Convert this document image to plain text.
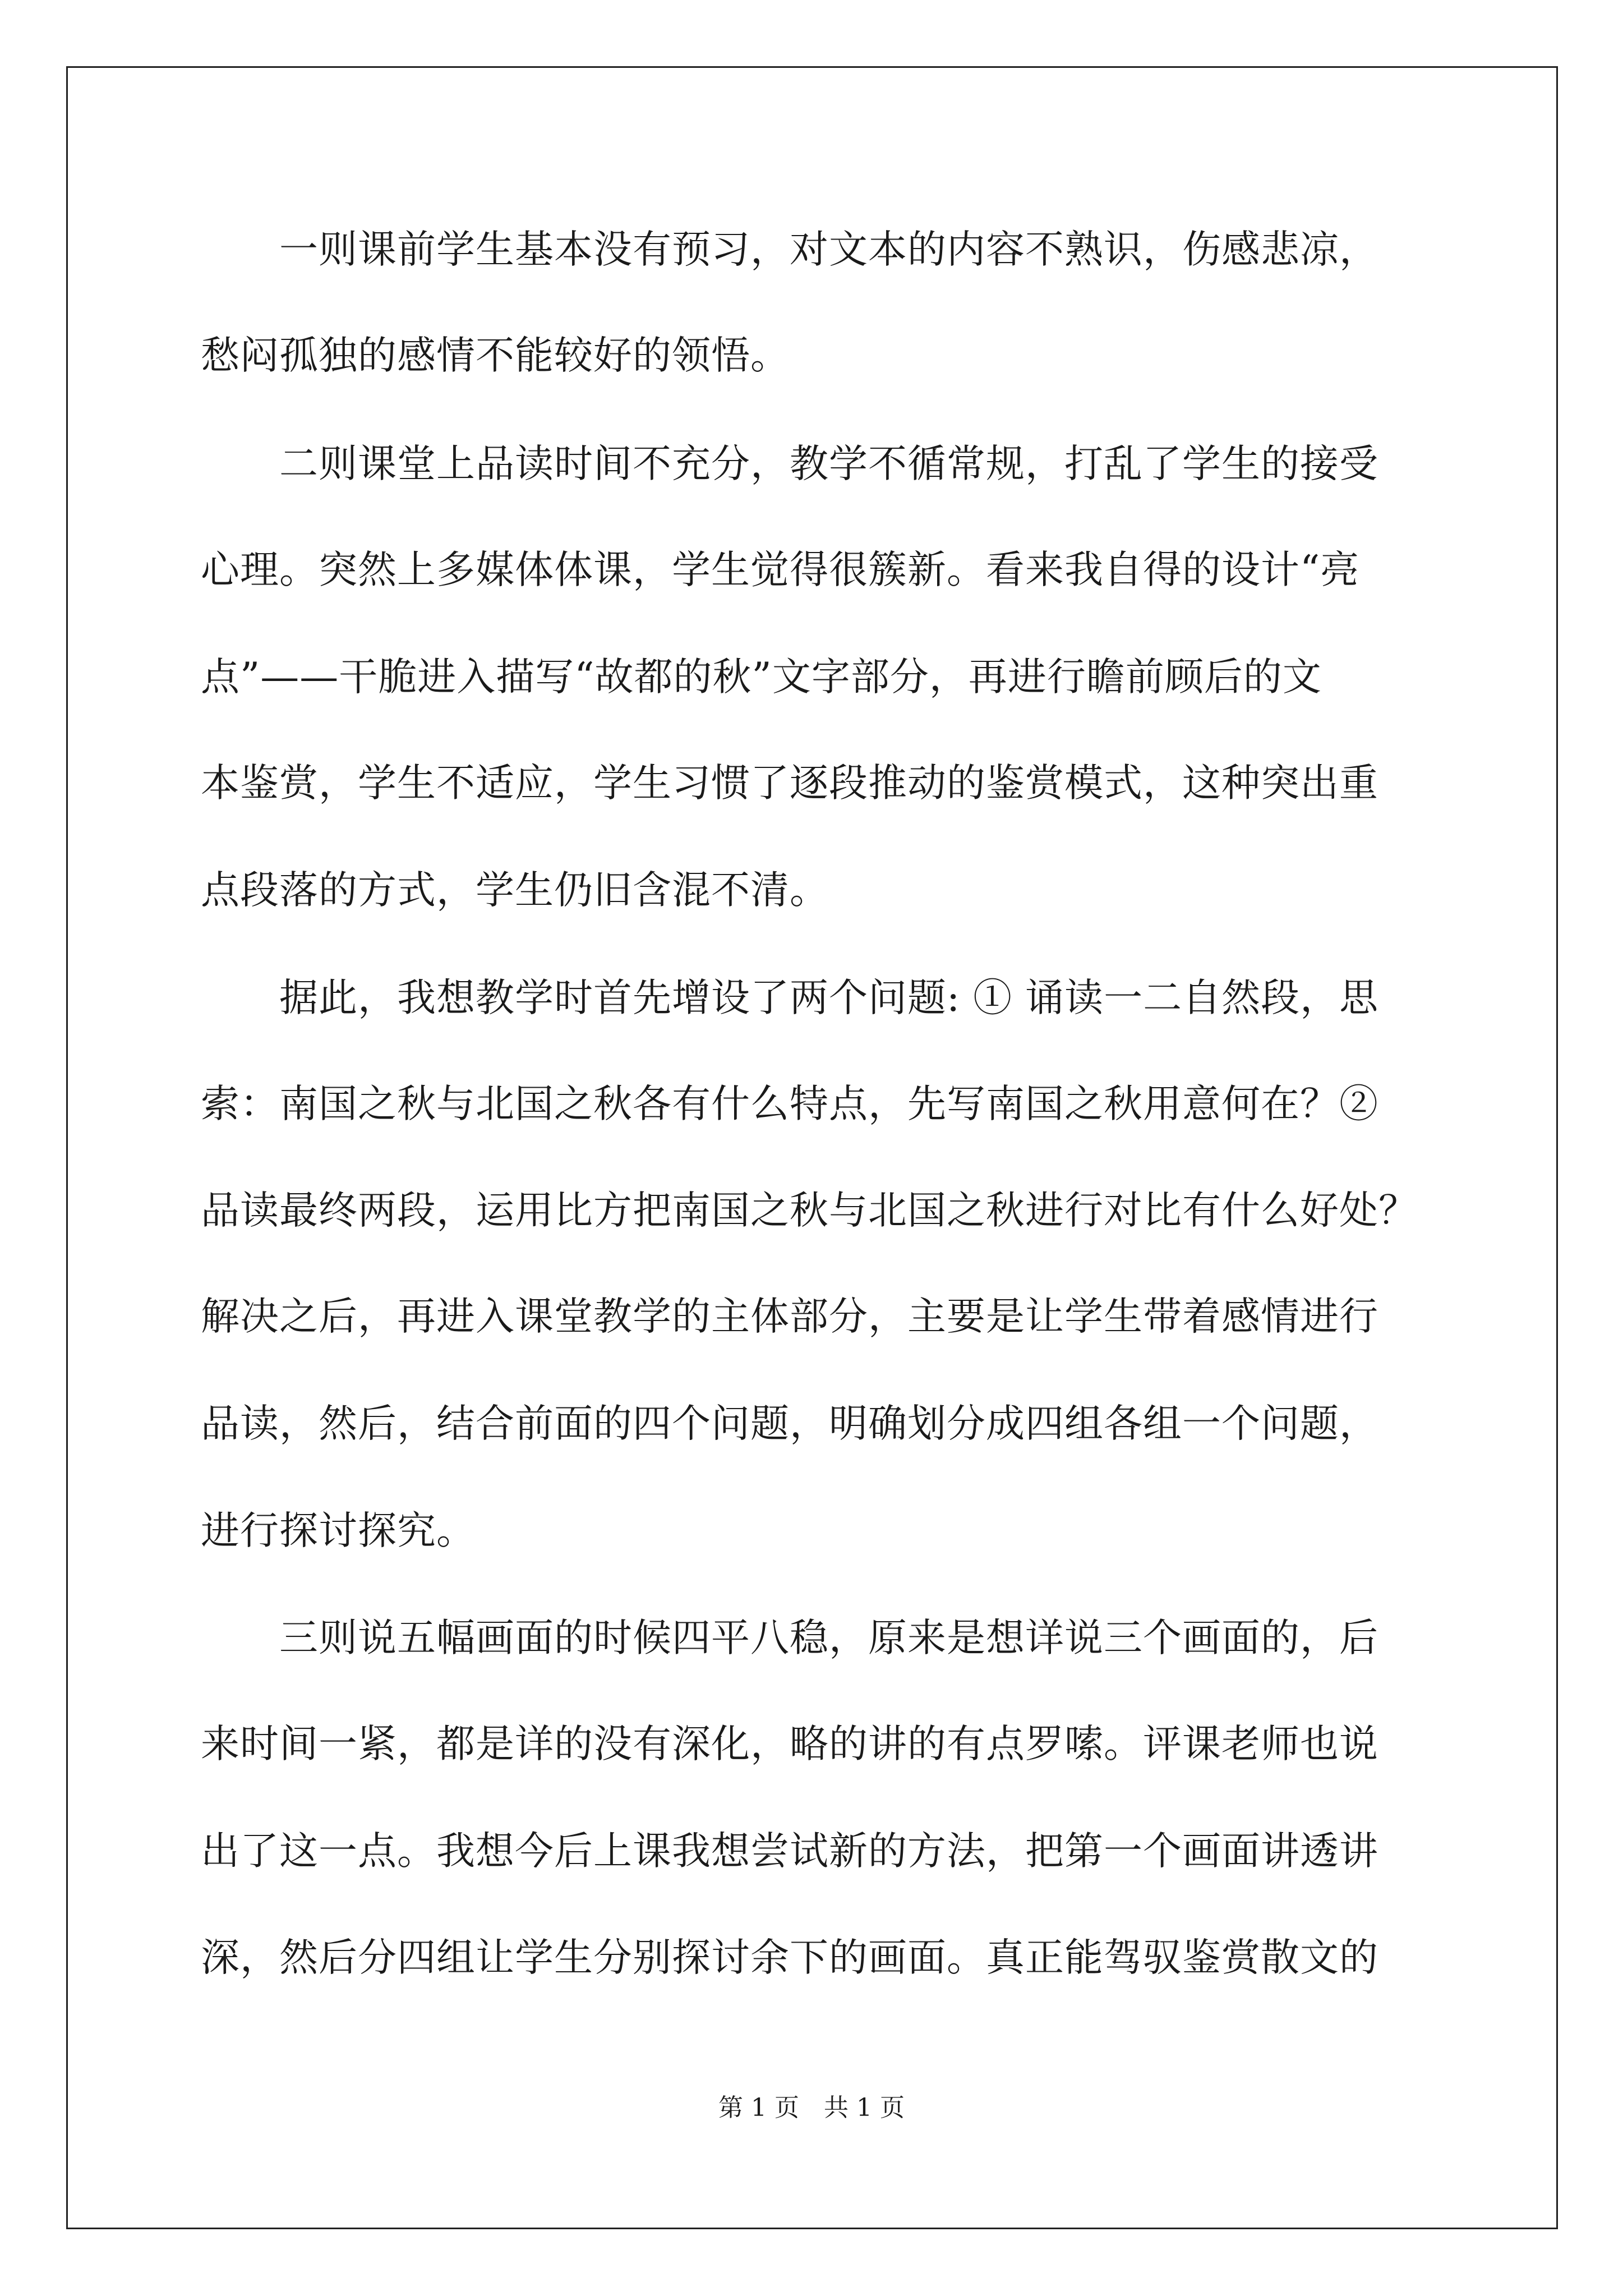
　　一则课前学生基本没有预习，对文本的内容不熟识，伤感悲凉，
愁闷孤独的感情不能较好的领悟。
　　二则课堂上品读时间不充分，教学不循常规，打乱了学生的接受
心理。突然上多媒体体课，学生觉得很簇新。看来我自得的设计“亮
点”——干脆进入描写“故都的秋”文字部分，再进行瞻前顾后的文
本鉴赏，学生不适应，学生习惯了逐段推动的鉴赏模式，这种突出重
点段落的方式，学生仍旧含混不清。
　　据此，我想教学时首先增设了两个问题: ① 诵读一二自然段，思
索：南国之秋与北国之秋各有什么特点，先写南国之秋用意何在？②
品读最终两段，运用比方把南国之秋与北国之秋进行对比有什么好处？
解决之后，再进入课堂教学的主体部分，主要是让学生带着感情进行
品读，然后，结合前面的四个问题，明确划分成四组各组一个问题，
进行探讨探究。
　　三则说五幅画面的时候四平八稳，原来是想详说三个画面的，后
来时间一紧，都是详的没有深化，略的讲的有点罗嗦。评课老师也说
出了这一点。我想今后上课我想尝试新的方法，把第一个画面讲透讲
深，然后分四组让学生分别探讨余下的画面。真正能驾驭鉴赏散文的
第 1 页　共 1 页
